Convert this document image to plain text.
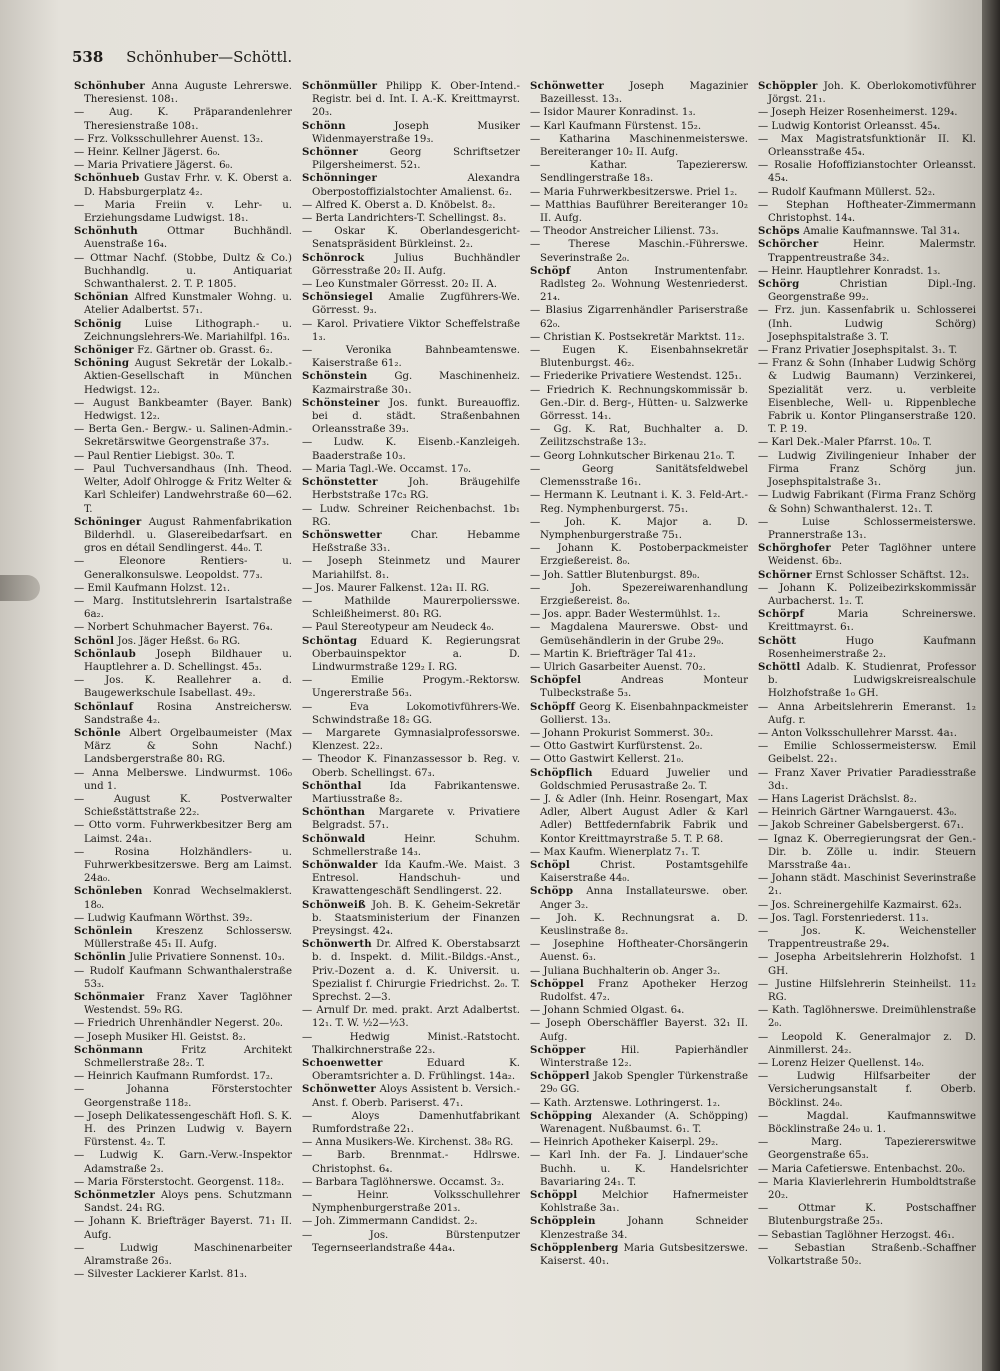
538 Schönhuber—Schöttl.

Schönhuber Anna Auguste Lehrerswe. Theresienst. 108₁.

— Aug. K. Präparandenlehrer Theresienstraße 108₁.

— Frz. Volksschullehrer Auenst. 13₂.

— Heinr. Kellner Jägerst. 6₀.

— Maria Privatiere Jägerst. 6₀.

Schönhueb Gustav Frhr. v. K. Oberst a. D. Habsburgerplatz 4₂.

— Maria Freiin v. Lehr- u. Erziehungsdame Ludwigst. 18₁.

Schönhuth	Ottmar Buchhändl. Auenstraße 16₄.

— Ottmar Nachf. (Stobbe, Dultz & Co.) Buchhandlg. u. Antiquariat Schwanthalerst. 2. T. P. 1805.

Schönian Alfred Kunstmaler Wohng. u. Atelier Adalbertst. 57₁.

Schönig Luise Lithograph.- u. Zeichnungslehrers-We. Mariahilfpl. 16₃.

Schöniger Fz. Gärtner ob. Grasst. 6₂.

Schöning August Sekretär der Lokalb.-Aktien-Gesellschaft in München Hedwigst. 12₂.

— August Bankbeamter (Bayer. Bank) Hedwigst. 12₂.

— Berta Gen.- Bergw.- u. Salinen-Admin.-Sekretärswitwe Georgenstraße 37₃.

— Paul Rentier Liebigst. 30₀. T.

— Paul Tuchversandhaus (Inh. Theod. Welter, Adolf Ohlrogge & Fritz Welter & Karl Schleifer) Landwehrstraße 60—62. T.

Schöninger August Rahmenfabrikation Bilderhdl. u. Glasereibedarfsart. en gros en détail Sendlingerst. 44₀. T.

— Eleonore Rentiers- u. Generalkonsulswe. Leopoldst. 77₃.

— Emil Kaufmann Holzst. 12₁.

— Marg. Institutslehrerin Isartalstraße 6a₂.

— Norbert Schuhmacher Bayerst. 76₄.

Schönl Jos. Jäger Heßst. 6₀ RG.

Schönlaub Joseph Bildhauer u. Hauptlehrer a. D. Schellingst. 45₃.

— Jos. K. Reallehrer a. d. Baugewerkschule Isabellast. 49₂.

Schönlauf Rosina Anstreichersw. Sandstraße 4₂.

Schönle Albert Orgelbaumeister (Max März & Sohn Nachf.) Landsbergerstraße 80₁ RG.

— Anna Melberswe. Lindwurmst. 106₀ und 1.

— August K. Postverwalter Schießstättstraße 22₂.

— Otto vorm. Fuhrwerkbesitzer Berg am Laimst. 24a₁.

— Rosina Holzhändlers- u. Fuhrwerkbesitzerswe. Berg am Laimst. 24a₀.

Schönleben Konrad Wechselmaklerst. 18₀.

— Ludwig Kaufmann Wörthst. 39₂.

Schönlein Kreszenz Schlossersw. Müllerstraße 45₁ II. Aufg.

Schönlin Julie Privatiere Sonnenst. 10₃.

— Rudolf Kaufmann Schwanthalerstraße 53₃.

Schönmaier Franz Xaver Taglöhner Westendst. 59₀ RG.

— Friedrich Uhrenhändler Negerst. 20₀.

— Joseph Musiker Hl. Geistst. 8₂.

Schönmann	Fritz Architekt Schmellerstraße 28₂. T.

— Heinrich Kaufmann Rumfordst. 17₂.

— Johanna Försterstochter Georgenstraße 118₂.

— Joseph Delikatessengeschäft Hofl. S. K. H. des Prinzen Ludwig v. Bayern Fürstenst. 4₂. T.

— Ludwig K. Garn.-Verw.-Inspektor Adamstraße 2₃.

— Maria Försterstocht. Georgenst. 118₂.

Schönmetzler Aloys pens. Schutzmann Sandst. 24₁ RG.

— Johann K. Briefträger Bayerst. 71₁ II. Aufg.

— Ludwig Maschinenarbeiter Alramstraße 26₃.

— Silvester Lackierer Karlst. 81₃.

Schönmüller Philipp K. Ober-Intend.-Registr. bei d. Int. I. A.-K. Kreittmayrst. 20₃.

Schönn	Joseph Musiker Widenmayerstraße 19₃.

Schönner	Georg Schriftsetzer Pilgersheimerst. 52₁.

Schönninger	Alexandra Oberpostoffizialstochter Amalienst. 6₂.

— Alfred K. Oberst a. D. Knöbelst. 8₂.

— Berta Landrichters-T. Schellingst. 8₃.

— Oskar K. Oberlandesgericht-Senatspräsident Bürkleinst. 2₂.

Schönrock	Julius Buchhändler Görresstraße 20₂ II. Aufg.

— Leo Kunstmaler Görresst. 20₂ II. A.

Schönsiegel Amalie Zugführers-We. Görresst. 9₃.

— Karol. Privatiere Viktor Scheffelstraße 1₃.

— Veronika Bahnbeamtenswe. Kaiserstraße 61₂.

Schönstein	Gg. Maschinenheiz. Kazmairstraße 30₁.

Schönsteiner Jos. funkt. Bureauoffiz. bei d. städt. Straßenbahnen Orleansstraße 39₃.

— Ludw. K. Eisenb.-Kanzleigeh. Baaderstraße 10₃.

— Maria Tagl.-We. Occamst. 17₀.

Schönstetter	Joh. Bräugehilfe Herbststraße 17c₃ RG.

— Ludw. Schreiner Reichenbachst. 1b₁ RG.

Schönswetter	Char. Hebamme Heßstraße 33₁.

— Joseph Steinmetz und Maurer Mariahilfst. 8₁.

— Jos. Maurer Falkenst. 12a₁ II. RG.

— Mathilde Maurerpoliersswe. Schleißheimerst. 80₁ RG.

— Paul Stereotypeur am Neudeck 4₀.

Schöntag Eduard K. Regierungsrat Oberbauinspektor a. D. Lindwurmstraße 129₂ I. RG.

— Emilie Progym.-Rektorsw. Ungererstraße 56₃.

— Eva Lokomotivführers-We. Schwindstraße 18₂ GG.

— Margarete Gymnasialprofessorswe. Klenzest. 22₂.

— Theodor K. Finanzassessor b. Reg. v. Oberb. Schellingst. 67₃.

Schönthal	Ida Fabrikantenswe. Martiusstraße 8₂.

Schönthan Margarete v. Privatiere Belgradst. 57₁.

Schönwald	Heinr. Schuhm. Schmellerstraße 14₃.

Schönwalder Ida Kaufm.-We. Maist. 3 Entresol. Handschuh- und Krawattengeschäft Sendlingerst. 22.

Schönweiß Joh. B. K. Geheim-Sekretär b. Staatsministerium der Finanzen Preysingst. 42₄.

Schönwerth Dr. Alfred K. Oberstabsarzt b. d. Inspekt. d. Milit.-Bildgs.-Anst., Priv.-Dozent a. d. K. Universit. u. Spezialist f. Chirurgie Friedrichst. 2₀. T. Sprechst. 2—3.

— Arnulf Dr. med. prakt. Arzt Adalbertst. 12₁. T. W. ½2—½3.

— Hedwig Minist.-Ratstocht. Thalkirchnerstraße 22₃.

Schoenwetter	Eduard K. Oberamtsrichter a. D. Frühlingst. 14a₂.

Schönwetter Aloys Assistent b. Versich.-Anst. f. Oberb. Pariserst. 47₁.

— Aloys Damenhutfabrikant Rumfordstraße 22₁.

— Anna Musikers-We. Kirchenst. 38₀ RG.

— Barb. Brennmat.- Hdlrswe. Christophst. 6₄.

— Barbara Taglöhnerswe. Occamst. 3₂.

— Heinr. Volksschullehrer Nymphenburgerstraße 201₃.

— Joh. Zimmermann Candidst. 2₂.

— Jos. Bürstenputzer Tegernseerlandstraße 44a₄.

Schönwetter	Joseph Magazinier Bazeillesst. 13₃.

— Isidor Maurer Konradinst. 1₃.

— Karl Kaufmann Fürstenst. 15₂.

— Katharina Maschinenmeisterswe. Bereiteranger 10₂ II. Aufg.

— Kathar. Tapezierersw. Sendlingerstraße 18₃.

— Maria Fuhrwerkbesitzerswe. Priel 1₂.

— Matthias Bauführer Bereiteranger 10₂ II. Aufg.

— Theodor Anstreicher Lilienst. 73₃.

— Therese Maschin.-Führerswe. Severinstraße 2₀.

Schöpf	Anton Instrumentenfabr. Radlsteg 2₀. Wohnung Westenriederst. 21₄.

— Blasius Zigarrenhändler Pariserstraße 62₀.

— Christian K. Postsekretär Marktst. 11₂.

— Eugen K. Eisenbahnsekretär Blutenburgst. 46₂.

— Friederike Privatiere Westendst. 125₁.

— Friedrich K. Rechnungskommissär b. Gen.-Dir. d. Berg-, Hütten- u. Salzwerke Görresst. 14₁.

— Gg. K. Rat, Buchhalter a. D. Zeilitzschstraße 13₂.

— Georg Lohnkutscher Birkenau 21₀. T.

— Georg Sanitätsfeldwebel Clemensstraße 16₁.

— Hermann K. Leutnant i. K. 3. Feld-Art.-Reg. Nymphenburgerst. 75₁.

— Joh. K. Major a. D. Nymphenburgerstraße 75₁.

— Johann K. Postoberpackmeister Erzgießereist. 8₀.

— Joh. Sattler Blutenburgst. 89₀.

— Joh. Spezereiwarenhandlung Erzgießereist. 8₀.

— Jos. appr. Bader Westermühlst. 1₂.

— Magdalena Maurerswe. Obst- und Gemüsehändlerin in der Grube 29₀.

— Martin K. Briefträger Tal 41₂.

— Ulrich Gasarbeiter Auenst. 70₂.

Schöpfel	Andreas Monteur Tulbeckstraße 5₃.

Schöpff Georg K. Eisenbahnpackmeister Gollierst. 13₃.

— Johann Prokurist Sommerst. 30₂.

— Otto Gastwirt Kurfürstenst. 2₀.

— Otto Gastwirt Kellerst. 21₀.

Schöpflich Eduard Juwelier und Goldschmied Perusastraße 2₀. T.

— J. & Adler (Inh. Heinr. Rosengart, Max Adler, Albert August Adler & Karl Adler) Bettfedernfabrik Fabrik und Kontor Kreittmayrstraße 5. T. P. 68.

— Max Kaufm. Wienerplatz 7₁. T.

Schöpl	Christ. Postamtsgehilfe Kaiserstraße 44₀.

Schöpp Anna Installateurswe. ober. Anger 3₂.

— Joh. K. Rechnungsrat a. D. Keuslinstraße 8₂.

— Josephine Hoftheater-Chorsängerin Auenst. 6₃.

— Juliana Buchhalterin ob. Anger 3₂.

Schöppel Franz Apotheker Herzog Rudolfst. 47₂.

— Johann Schmied Olgast. 6₄.

— Joseph Oberschäffler Bayerst. 32₁ II. Aufg.

Schöpper	Hil. Papierhändler Winterstraße 12₂.

Schöpperl Jakob Spengler Türkenstraße 29₀ GG.

— Kath. Arztenswe. Lothringerst. 1₂.

Schöpping Alexander (A. Schöpping) Warenagent. Nußbaumst. 6₁. T.

— Heinrich Apotheker Kaiserpl. 29₂.

— Karl Inh. der Fa. J. Lindauer'sche Buchh. u. K. Handelsrichter Bavariaring 24₁. T.

Schöppl Melchior Hafnermeister Kohlstraße 3a₁.

Schöpplein	Johann Schneider Klenzestraße 34.

Schöpplenberg Maria Gutsbesitzerswe. Kaiserst. 40₁.

Schöppler Joh. K. Oberlokomotivführer Jörgst. 21₁.

— Joseph Heizer Rosenheimerst. 129₄.

— Ludwig Kontorist Orleansst. 45₄.

— Max Magistratsfunktionär II. Kl. Orleansstraße 45₄.

— Rosalie Hofoffizianstochter Orleansst. 45₄.

— Rudolf Kaufmann Müllerst. 52₂.

— Stephan Hoftheater-Zimmermann Christophst. 14₄.

Schöps Amalie Kaufmannswe. Tal 31₄.

Schörcher	Heinr. Malermstr. Trappentreustraße 34₂.

— Heinr. Hauptlehrer Konradst. 1₃.

Schörg	Christian Dipl.-Ing. Georgenstraße 99₂.

— Frz. jun. Kassenfabrik u. Schlosserei (Inh. Ludwig Schörg) Josephspitalstraße 3. T.

— Franz Privatier Josephspitalst. 3₁. T.

— Franz & Sohn (Inhaber Ludwig Schörg & Ludwig Baumann) Verzinkerei, Spezialität verz. u. verbleite Eisenbleche, Well- u. Rippenbleche Fabrik u. Kontor Plinganserstraße 120. T. P. 19.

— Karl Dek.-Maler Pfarrst. 10₀. T.

— Ludwig Zivilingenieur Inhaber der Firma Franz Schörg jun. Josephspitalstraße 3₁.

— Ludwig Fabrikant (Firma Franz Schörg & Sohn) Schwanthalerst. 12₁. T.

— Luise Schlossermeisterswe. Prannerstraße 13₁.

Schörghofer Peter Taglöhner untere Weidenst. 6b₂.

Schörner Ernst Schlosser Schäftst. 12₃.

— Johann K. Polizeibezirkskommissär Aurbacherst. 1₂. T.

Schörpf	Maria Schreinerswe. Kreittmayrst. 6₁.

Schött	Hugo Kaufmann Rosenheimerstraße 2₂.

Schöttl Adalb. K. Studienrat, Professor b. Ludwigskreisrealschule Holzhofstraße 1₀ GH.

— Anna Arbeitslehrerin Emeranst. 1₂ Aufg. r.

— Anton Volksschullehrer Marsst. 4a₁.

— Emilie Schlossermeistersw. Emil Geibelst. 22₁.

— Franz Xaver Privatier Paradiesstraße 3d₁.

— Hans Lagerist Drächslst. 8₂.

— Heinrich Gärtner Warngauerst. 43₀.

— Jakob Schreiner Gabelsbergerst. 67₁.

— Ignaz K. Oberregierungsrat der Gen.-Dir. b. Zölle u. indir. Steuern Marsstraße 4a₁.

— Johann städt. Maschinist Severinstraße 2₁.

— Jos. Schreinergehilfe Kazmairst. 62₃.

— Jos. Tagl. Forstenriederst. 11₃.

— Jos. K. Weichensteller Trappentreustraße 29₄.

— Josepha Arbeitslehrerin Holzhofst. 1 GH.

— Justine Hilfslehrerin Steinheilst. 11₂ RG.

— Kath. Taglöhnerswe. Dreimühlenstraße 2₀.

— Leopold K. Generalmajor z. D. Ainmillerst. 24₂.

— Lorenz Heizer Quellenst. 14₀.

— Ludwig Hilfsarbeiter der Versicherungsanstalt f. Oberb. Böcklinst. 24₀.

— Magdal. Kaufmannswitwe Böcklinstraße 24₀ u. 1.

— Marg. Tapeziererswitwe Georgenstraße 65₃.

— Maria Cafetierswe. Entenbachst. 20₀.

— Maria Klavierlehrerin Humboldtstraße 20₂.

— Ottmar K. Postschaffner Blutenburgstraße 25₃.

— Sebastian Taglöhner Herzogst. 46₁.

— Sebastian Straßenb.-Schaffner Volkartstraße 50₂.
